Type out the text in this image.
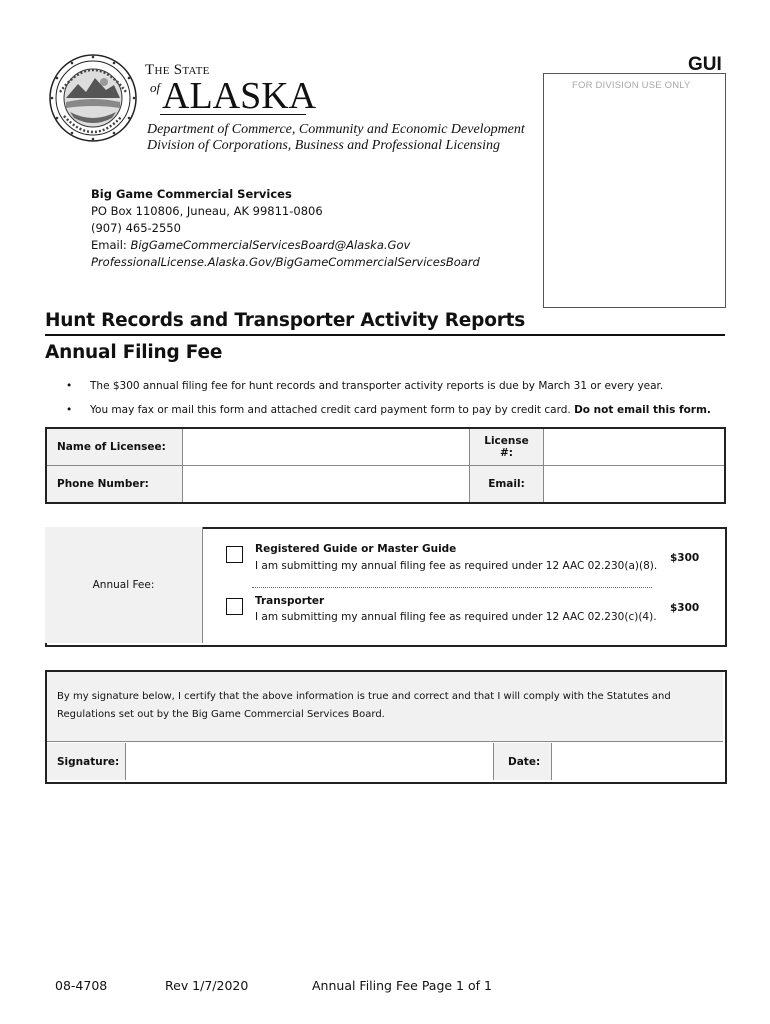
The State
of ALASKA
Department of Commerce, Community and Economic Development
Division of Corporations, Business and Professional Licensing
GUI
FOR DIVISION USE ONLY
Big Game Commercial Services
PO Box 110806, Juneau, AK 99811-0806
(907) 465-2550
Email: BigGameCommercialServicesBoard@Alaska.Gov
ProfessionalLicense.Alaska.Gov/BigGameCommercialServicesBoard
Hunt Records and Transporter Activity Reports
Annual Filing Fee
• The $300 annual filing fee for hunt records and transporter activity reports is due by March 31 or every year.
• You may fax or mail this form and attached credit card payment form to pay by credit card. Do not email this form.
Name of Licensee:		License #:	
Phone Number:		Email:	
Annual Fee:
Registered Guide or Master Guide
I am submitting my annual filing fee as required under 12 AAC 02.230(a)(8).
$300
Transporter
I am submitting my annual filing fee as required under 12 AAC 02.230(c)(4).
$300
By my signature below, I certify that the above information is true and correct and that I will comply with the Statutes and Regulations set out by the Big Game Commercial Services Board.
Signature:	Date:
08-4708	Rev 1/7/2020	Annual Filing Fee Page 1 of 1
